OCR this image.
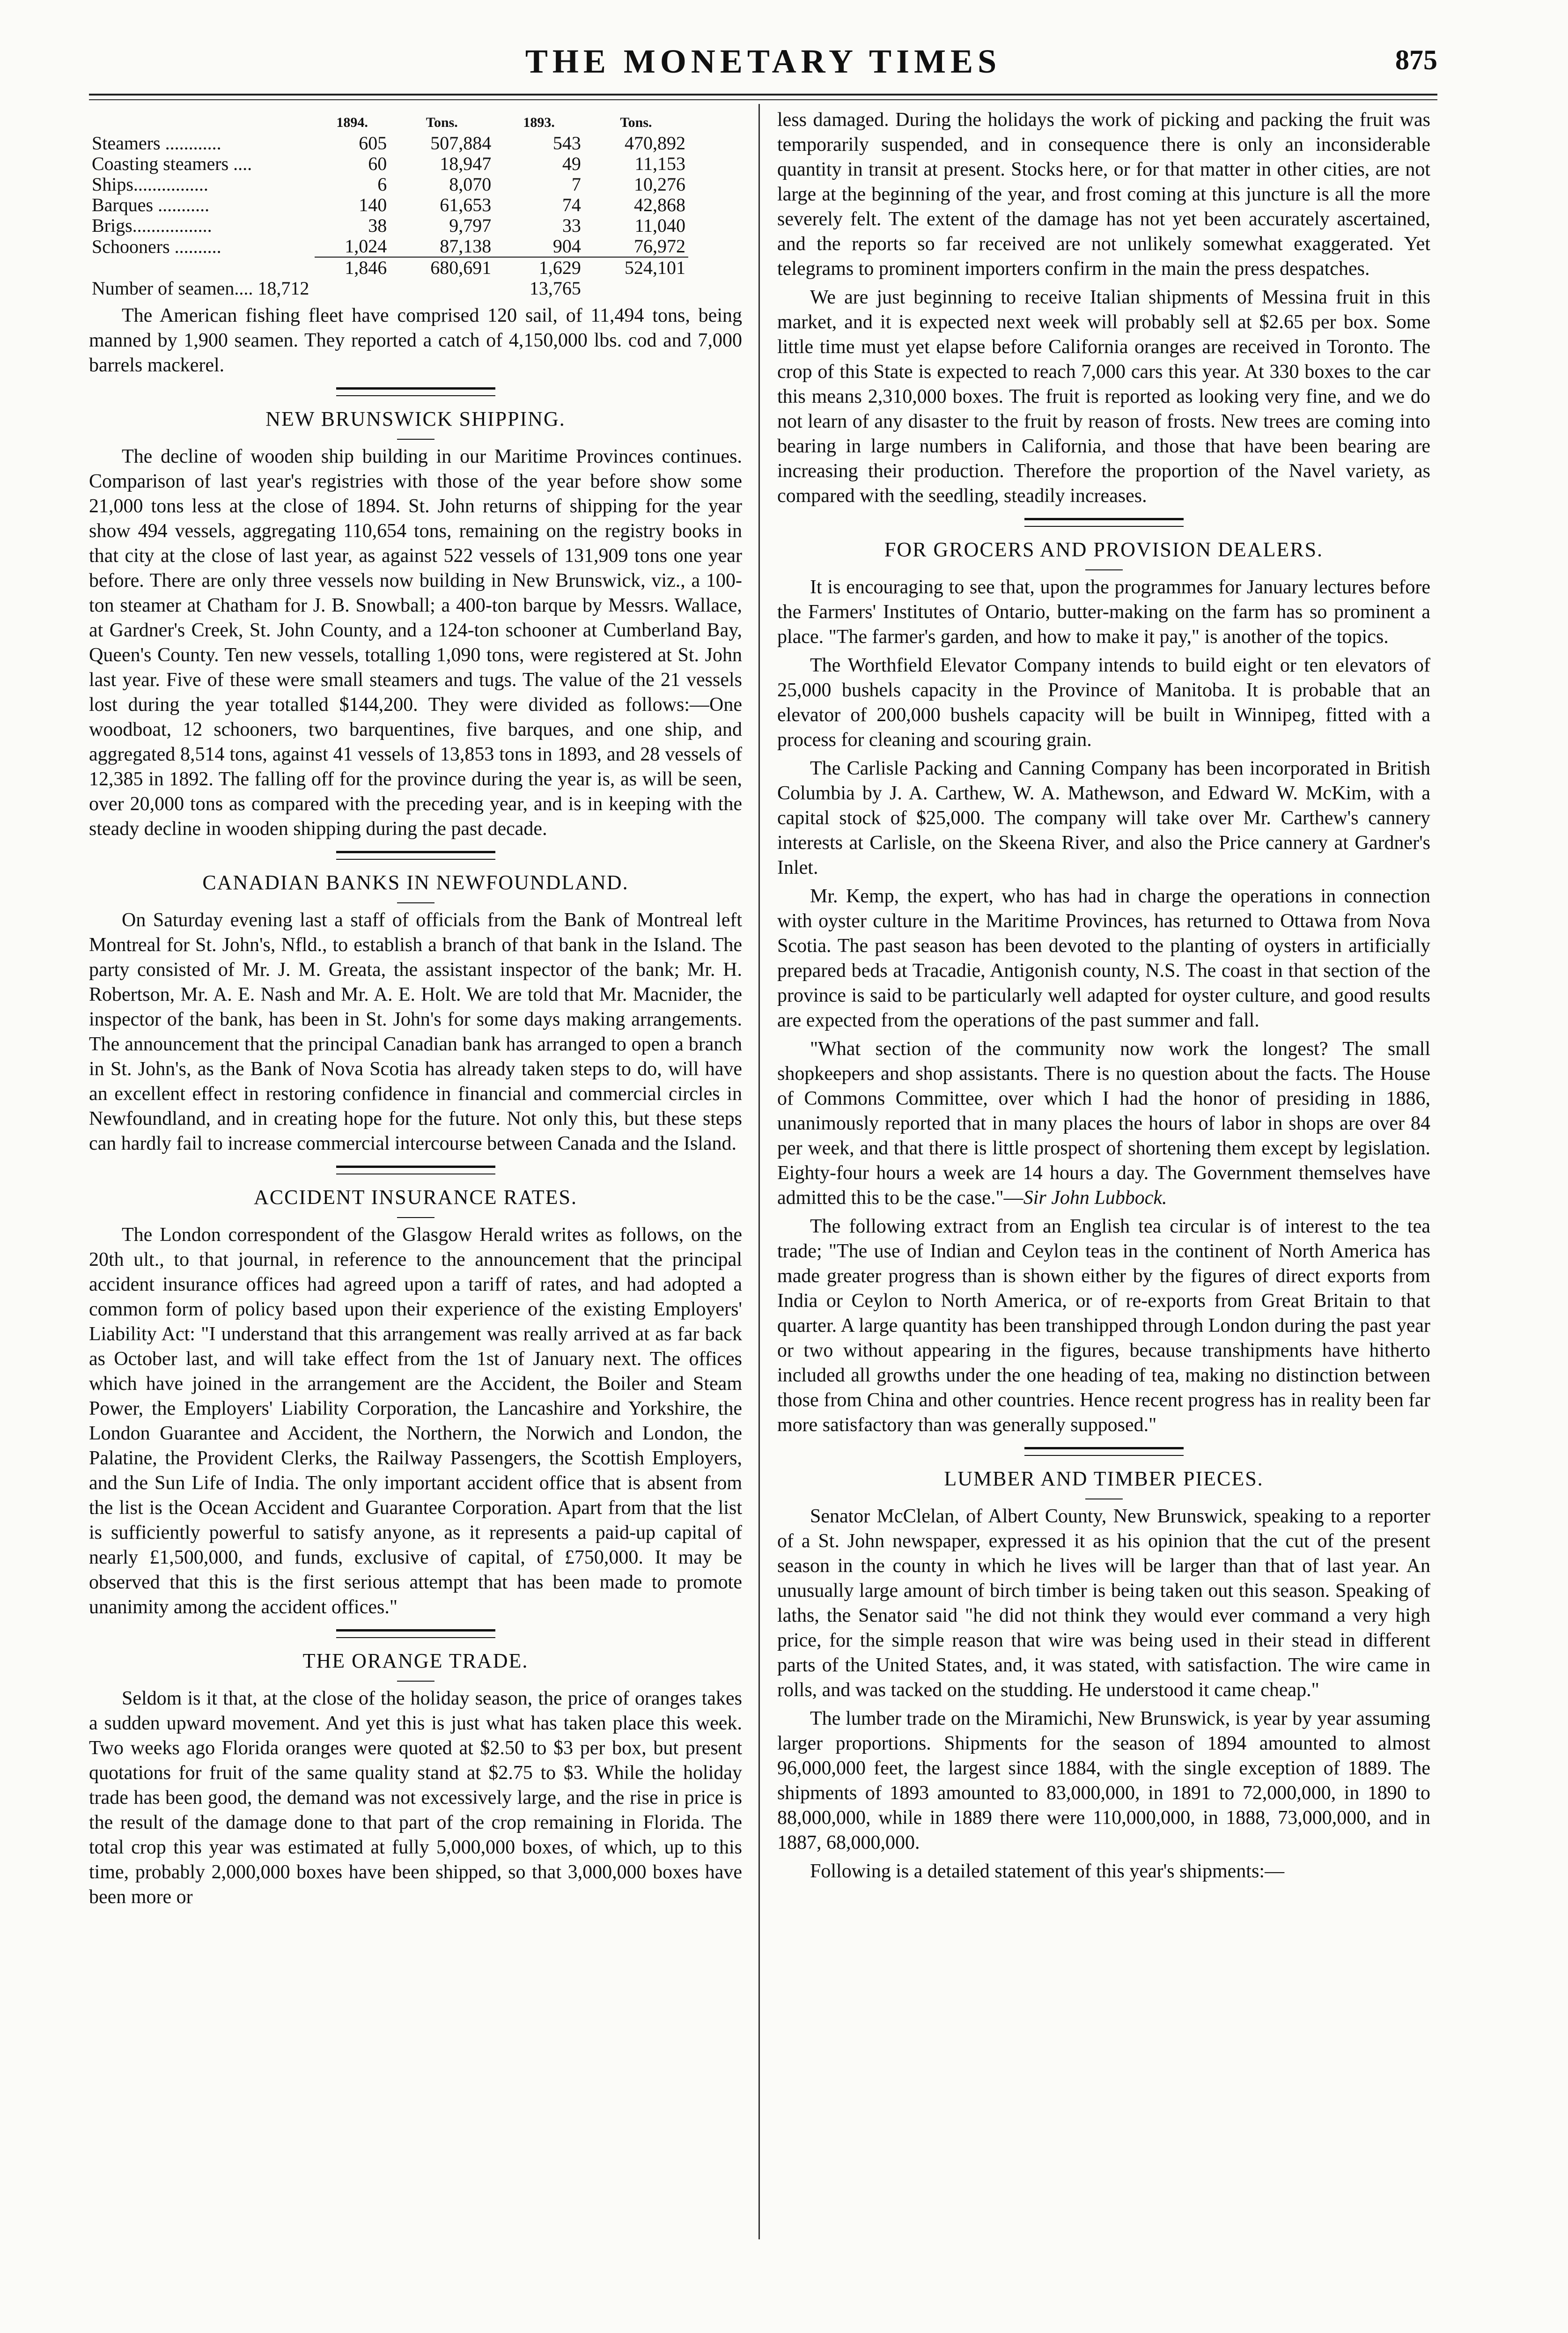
THE MONETARY TIMES	875
	1894.	Tons.	1893.	Tons.
Steamers ............	605	507,884	543	470,892
Coasting steamers ....	60	18,947	49	11,153
Ships................	6	8,070	7	10,276
Barques ...........	140	61,653	74	42,868
Brigs.................	38	9,797	33	11,040
Schooners ..........	1,024	87,138	904	76,972
	1,846	680,691	1,629	524,101
Number of seamen.... 18,712			13,765	

The American fishing fleet have comprised 120 sail, of 11,494 tons, being manned by 1,900 seamen. They reported a catch of 4,150,000 lbs. cod and 7,000 barrels mackerel.

NEW BRUNSWICK SHIPPING.

The decline of wooden ship building in our Maritime Provinces continues. Comparison of last year's registries with those of the year before show some 21,000 tons less at the close of 1894. St. John returns of shipping for the year show 494 vessels, aggregating 110,654 tons, remaining on the registry books in that city at the close of last year, as against 522 vessels of 131,909 tons one year before. There are only three vessels now building in New Brunswick, viz., a 100-ton steamer at Chatham for J. B. Snowball; a 400-ton barque by Messrs. Wallace, at Gardner's Creek, St. John County, and a 124-ton schooner at Cumberland Bay, Queen's County. Ten new vessels, totalling 1,090 tons, were registered at St. John last year. Five of these were small steamers and tugs. The value of the 21 vessels lost during the year totalled $144,200. They were divided as follows:—One woodboat, 12 schooners, two barquentines, five barques, and one ship, and aggregated 8,514 tons, against 41 vessels of 13,853 tons in 1893, and 28 vessels of 12,385 in 1892. The falling off for the province during the year is, as will be seen, over 20,000 tons as compared with the preceding year, and is in keeping with the steady decline in wooden shipping during the past decade.

CANADIAN BANKS IN NEWFOUNDLAND.

On Saturday evening last a staff of officials from the Bank of Montreal left Montreal for St. John's, Nfld., to establish a branch of that bank in the Island. The party consisted of Mr. J. M. Greata, the assistant inspector of the bank; Mr. H. Robertson, Mr. A. E. Nash and Mr. A. E. Holt. We are told that Mr. Macnider, the inspector of the bank, has been in St. John's for some days making arrangements. The announcement that the principal Canadian bank has arranged to open a branch in St. John's, as the Bank of Nova Scotia has already taken steps to do, will have an excellent effect in restoring confidence in financial and commercial circles in Newfoundland, and in creating hope for the future. Not only this, but these steps can hardly fail to increase commercial intercourse between Canada and the Island.

ACCIDENT INSURANCE RATES.

The London correspondent of the Glasgow Herald writes as follows, on the 20th ult., to that journal, in reference to the announcement that the principal accident insurance offices had agreed upon a tariff of rates, and had adopted a common form of policy based upon their experience of the existing Employers' Liability Act: "I understand that this arrangement was really arrived at as far back as October last, and will take effect from the 1st of January next. The offices which have joined in the arrangement are the Accident, the Boiler and Steam Power, the Employers' Liability Corporation, the Lancashire and Yorkshire, the London Guarantee and Accident, the Northern, the Norwich and London, the Palatine, the Provident Clerks, the Railway Passengers, the Scottish Employers, and the Sun Life of India. The only important accident office that is absent from the list is the Ocean Accident and Guarantee Corporation. Apart from that the list is sufficiently powerful to satisfy anyone, as it represents a paid-up capital of nearly £1,500,000, and funds, exclusive of capital, of £750,000. It may be observed that this is the first serious attempt that has been made to promote unanimity among the accident offices."

THE ORANGE TRADE.

Seldom is it that, at the close of the holiday season, the price of oranges takes a sudden upward movement. And yet this is just what has taken place this week. Two weeks ago Florida oranges were quoted at $2.50 to $3 per box, but present quotations for fruit of the same quality stand at $2.75 to $3. While the holiday trade has been good, the demand was not excessively large, and the rise in price is the result of the damage done to that part of the crop remaining in Florida. The total crop this year was estimated at fully 5,000,000 boxes, of which, up to this time, probably 2,000,000 boxes have been shipped, so that 3,000,000 boxes have been more or

less damaged. During the holidays the work of picking and packing the fruit was temporarily suspended, and in consequence there is only an inconsiderable quantity in transit at present. Stocks here, or for that matter in other cities, are not large at the beginning of the year, and frost coming at this juncture is all the more severely felt. The extent of the damage has not yet been accurately ascertained, and the reports so far received are not unlikely somewhat exaggerated. Yet telegrams to prominent importers confirm in the main the press despatches.

We are just beginning to receive Italian shipments of Messina fruit in this market, and it is expected next week will probably sell at $2.65 per box. Some little time must yet elapse before California oranges are received in Toronto. The crop of this State is expected to reach 7,000 cars this year. At 330 boxes to the car this means 2,310,000 boxes. The fruit is reported as looking very fine, and we do not learn of any disaster to the fruit by reason of frosts. New trees are coming into bearing in large numbers in California, and those that have been bearing are increasing their production. Therefore the proportion of the Navel variety, as compared with the seedling, steadily increases.

FOR GROCERS AND PROVISION DEALERS.

It is encouraging to see that, upon the programmes for January lectures before the Farmers' Institutes of Ontario, butter-making on the farm has so prominent a place. "The farmer's garden, and how to make it pay," is another of the topics.

The Worthfield Elevator Company intends to build eight or ten elevators of 25,000 bushels capacity in the Province of Manitoba. It is probable that an elevator of 200,000 bushels capacity will be built in Winnipeg, fitted with a process for cleaning and scouring grain.

The Carlisle Packing and Canning Company has been incorporated in British Columbia by J. A. Carthew, W. A. Mathewson, and Edward W. McKim, with a capital stock of $25,000. The company will take over Mr. Carthew's cannery interests at Carlisle, on the Skeena River, and also the Price cannery at Gardner's Inlet.

Mr. Kemp, the expert, who has had in charge the operations in connection with oyster culture in the Maritime Provinces, has returned to Ottawa from Nova Scotia. The past season has been devoted to the planting of oysters in artificially prepared beds at Tracadie, Antigonish county, N.S. The coast in that section of the province is said to be particularly well adapted for oyster culture, and good results are expected from the operations of the past summer and fall.

"What section of the community now work the longest? The small shopkeepers and shop assistants. There is no question about the facts. The House of Commons Committee, over which I had the honor of presiding in 1886, unanimously reported that in many places the hours of labor in shops are over 84 per week, and that there is little prospect of shortening them except by legislation. Eighty-four hours a week are 14 hours a day. The Government themselves have admitted this to be the case."—Sir John Lubbock.

The following extract from an English tea circular is of interest to the tea trade; "The use of Indian and Ceylon teas in the continent of North America has made greater progress than is shown either by the figures of direct exports from India or Ceylon to North America, or of re-exports from Great Britain to that quarter. A large quantity has been transhipped through London during the past year or two without appearing in the figures, because transhipments have hitherto included all growths under the one heading of tea, making no distinction between those from China and other countries. Hence recent progress has in reality been far more satisfactory than was generally supposed."

LUMBER AND TIMBER PIECES.

Senator McClelan, of Albert County, New Brunswick, speaking to a reporter of a St. John newspaper, expressed it as his opinion that the cut of the present season in the county in which he lives will be larger than that of last year. An unusually large amount of birch timber is being taken out this season. Speaking of laths, the Senator said "he did not think they would ever command a very high price, for the simple reason that wire was being used in their stead in different parts of the United States, and, it was stated, with satisfaction. The wire came in rolls, and was tacked on the studding. He understood it came cheap."

The lumber trade on the Miramichi, New Brunswick, is year by year assuming larger proportions. Shipments for the season of 1894 amounted to almost 96,000,000 feet, the largest since 1884, with the single exception of 1889. The shipments of 1893 amounted to 83,000,000, in 1891 to 72,000,000, in 1890 to 88,000,000, while in 1889 there were 110,000,000, in 1888, 73,000,000, and in 1887, 68,000,000.

Following is a detailed statement of this year's shipments:—
